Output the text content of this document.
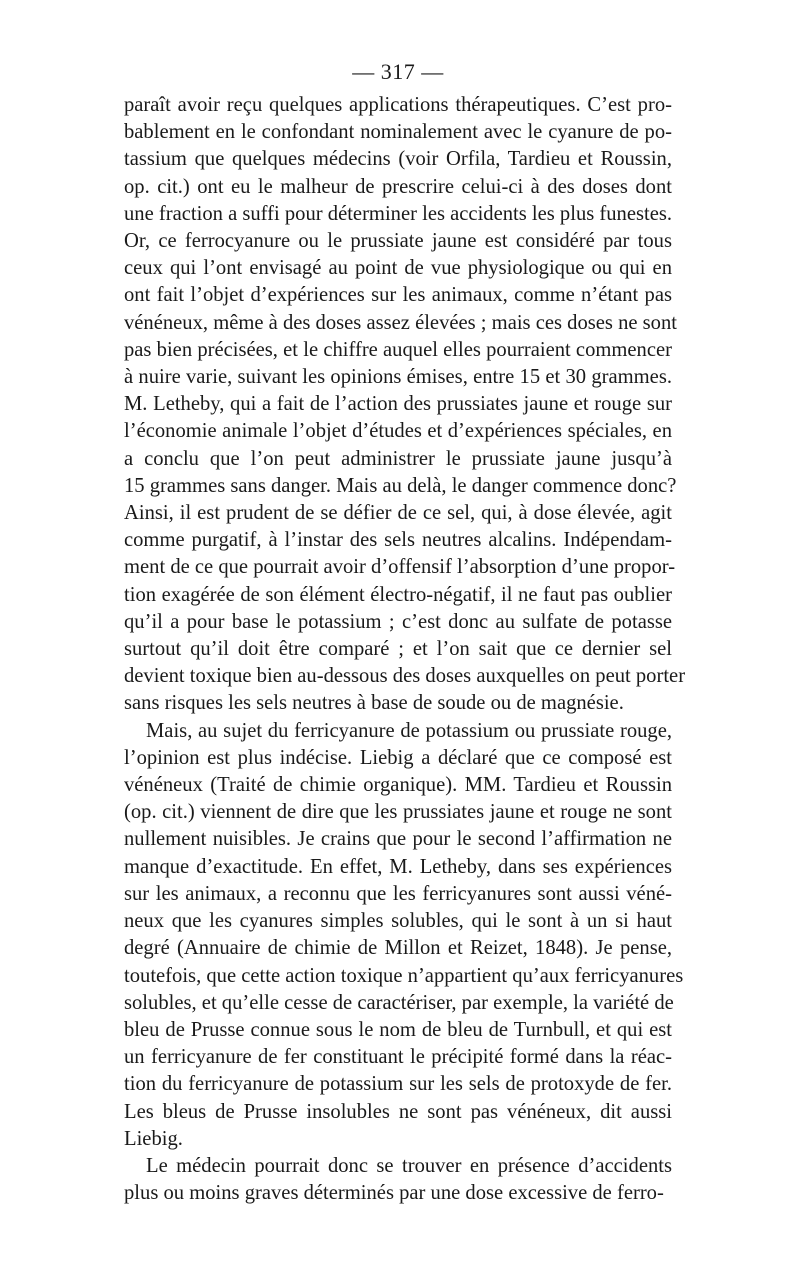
— 317 —

paraît avoir reçu quelques applications thérapeutiques. C’est pro-
bablement en le confondant nominalement avec le cyanure de po-
tassium que quelques médecins (voir Orfila, Tardieu et Roussin,
op. cit.) ont eu le malheur de prescrire celui-ci à des doses dont
une fraction a suffi pour déterminer les accidents les plus funestes.
Or, ce ferrocyanure ou le prussiate jaune est considéré par tous
ceux qui l’ont envisagé au point de vue physiologique ou qui en
ont fait l’objet d’expériences sur les animaux, comme n’étant pas
vénéneux, même à des doses assez élevées ; mais ces doses ne sont
pas bien précisées, et le chiffre auquel elles pourraient commencer
à nuire varie, suivant les opinions émises, entre 15 et 30 grammes.
M. Letheby, qui a fait de l’action des prussiates jaune et rouge sur
l’économie animale l’objet d’études et d’expériences spéciales, en
a conclu que l’on peut administrer le prussiate jaune jusqu’à
15 grammes sans danger. Mais au delà, le danger commence donc?
Ainsi, il est prudent de se défier de ce sel, qui, à dose élevée, agit
comme purgatif, à l’instar des sels neutres alcalins. Indépendam-
ment de ce que pourrait avoir d’offensif l’absorption d’une propor-
tion exagérée de son élément électro-négatif, il ne faut pas oublier
qu’il a pour base le potassium ; c’est donc au sulfate de potasse
surtout qu’il doit être comparé ; et l’on sait que ce dernier sel
devient toxique bien au-dessous des doses auxquelles on peut porter
sans risques les sels neutres à base de soude ou de magnésie.

Mais, au sujet du ferricyanure de potassium ou prussiate rouge,
l’opinion est plus indécise. Liebig a déclaré que ce composé est
vénéneux (Traité de chimie organique). MM. Tardieu et Roussin
(op. cit.) viennent de dire que les prussiates jaune et rouge ne sont
nullement nuisibles. Je crains que pour le second l’affirmation ne
manque d’exactitude. En effet, M. Letheby, dans ses expériences
sur les animaux, a reconnu que les ferricyanures sont aussi véné-
neux que les cyanures simples solubles, qui le sont à un si haut
degré (Annuaire de chimie de Millon et Reizet, 1848). Je pense,
toutefois, que cette action toxique n’appartient qu’aux ferricyanures
solubles, et qu’elle cesse de caractériser, par exemple, la variété de
bleu de Prusse connue sous le nom de bleu de Turnbull, et qui est
un ferricyanure de fer constituant le précipité formé dans la réac-
tion du ferricyanure de potassium sur les sels de protoxyde de fer.
Les bleus de Prusse insolubles ne sont pas vénéneux, dit aussi
Liebig.

Le médecin pourrait donc se trouver en présence d’accidents
plus ou moins graves déterminés par une dose excessive de ferro-
